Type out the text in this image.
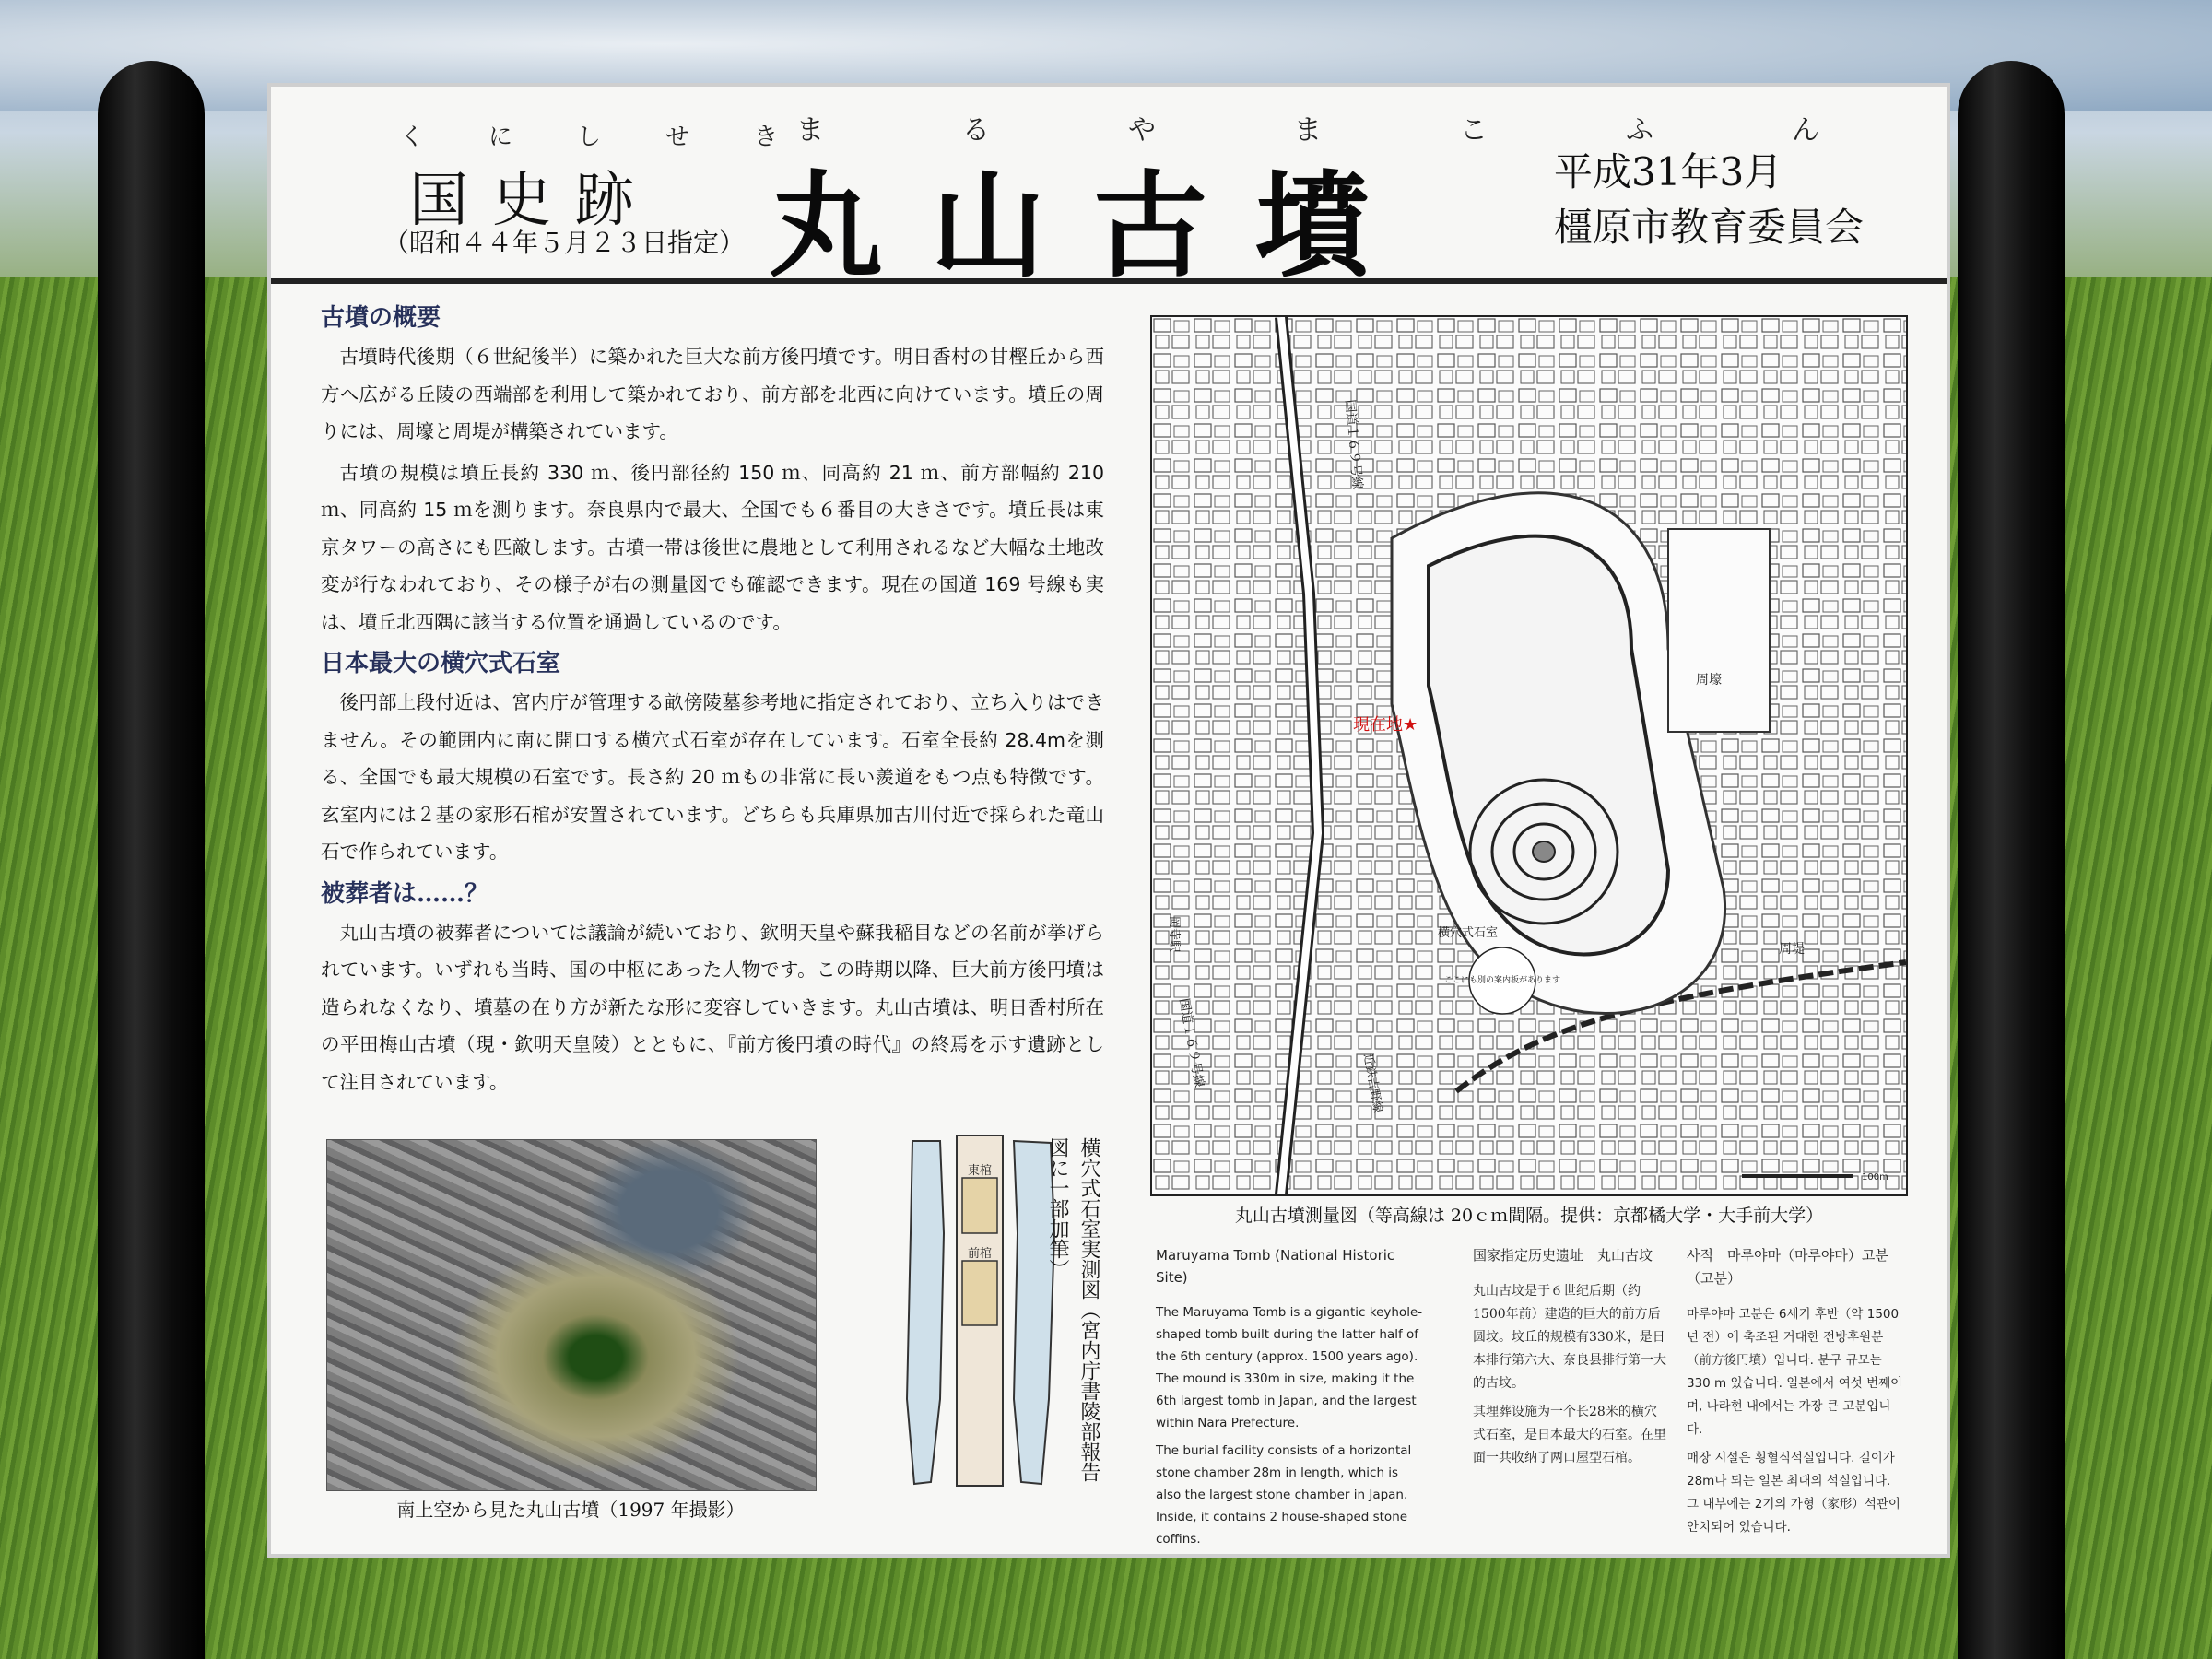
くにしせき
国史跡
（昭和４４年５月２３日指定）
まるやまこふん
丸山古墳	平成31年3月
橿原市教育委員会
古墳の概要

古墳時代後期（６世紀後半）に築かれた巨大な前方後円墳です。明日香村の甘樫丘から西方へ広がる丘陵の西端部を利用して築かれており、前方部を北西に向けています。墳丘の周りには、周壕と周堤が構築されています。

古墳の規模は墳丘長約 330 ｍ、後円部径約 150 ｍ、同高約 21 ｍ、前方部幅約 210 ｍ、同高約 15 ｍを測ります。奈良県内で最大、全国でも６番目の大きさです。墳丘長は東京タワーの高さにも匹敵します。古墳一帯は後世に農地として利用されるなど大幅な土地改変が行なわれており、その様子が右の測量図でも確認できます。現在の国道 169 号線も実は、墳丘北西隅に該当する位置を通過しているのです。

日本最大の横穴式石室

後円部上段付近は、宮内庁が管理する畝傍陵墓参考地に指定されており、立ち入りはできません。その範囲内に南に開口する横穴式石室が存在しています。石室全長約 28.4mを測る、全国でも最大規模の石室です。長さ約 20 ｍもの非常に長い羨道をもつ点も特徴です。玄室内には２基の家形石棺が安置されています。どちらも兵庫県加古川付近で採られた竜山石で作られています。

被葬者は……？

丸山古墳の被葬者については議論が続いており、欽明天皇や蘇我稲目などの名前が挙げられています。いずれも当時、国の中枢にあった人物です。この時期以降、巨大前方後円墳は造られなくなり、墳墓の在り方が新たな形に変容していきます。丸山古墳は、明日香村所在の平田梅山古墳（現・欽明天皇陵）とともに、『前方後円墳の時代』の終焉を示す遺跡として注目されています。

南上空から見た丸山古墳（1997 年撮影）
東棺
前棺	横穴式石室実測図（宮内庁書陵部報告図に一部加筆）
国道１６９号線
国道１６９号線
周壕
周堤
現在地★
横穴式石室
岡寺駅
近鉄吉野線
ここにも別の案内板があります
100m
丸山古墳測量図（等高線は 20ｃｍ間隔。提供：京都橘大学・大手前大学）
Maruyama Tomb (National Historic Site)

The Maruyama Tomb is a gigantic keyhole-shaped tomb built during the latter half of the 6th century (approx. 1500 years ago). The mound is 330m in size, making it the 6th largest tomb in Japan, and the largest within Nara Prefecture.

The burial facility consists of a horizontal stone chamber 28m in length, which is also the largest stone chamber in Japan. Inside, it contains 2 house-shaped stone coffins.

国家指定历史遗址　丸山古坟

丸山古坟是于６世纪后期（约1500年前）建造的巨大的前方后圆坟。坟丘的规模有330米，是日本排行第六大、奈良县排行第一大的古坟。

其埋葬设施为一个长28米的横穴式石室，是日本最大的石室。在里面一共收纳了两口屋型石棺。

사적　마루야마（마루야마）고분（고분）

마루야마 고분은 6세기 후반（약 1500년 전）에 축조된 거대한 전방후원분（前方後円墳）입니다. 분구 규모는 330 m 있습니다. 일본에서 여섯 번째이며, 나라현 내에서는 가장 큰 고분입니다.

매장 시설은 횡혈식석실입니다. 길이가 28m나 되는 일본 최대의 석실입니다. 그 내부에는 2기의 가형（家形）석관이 안치되어 있습니다.
